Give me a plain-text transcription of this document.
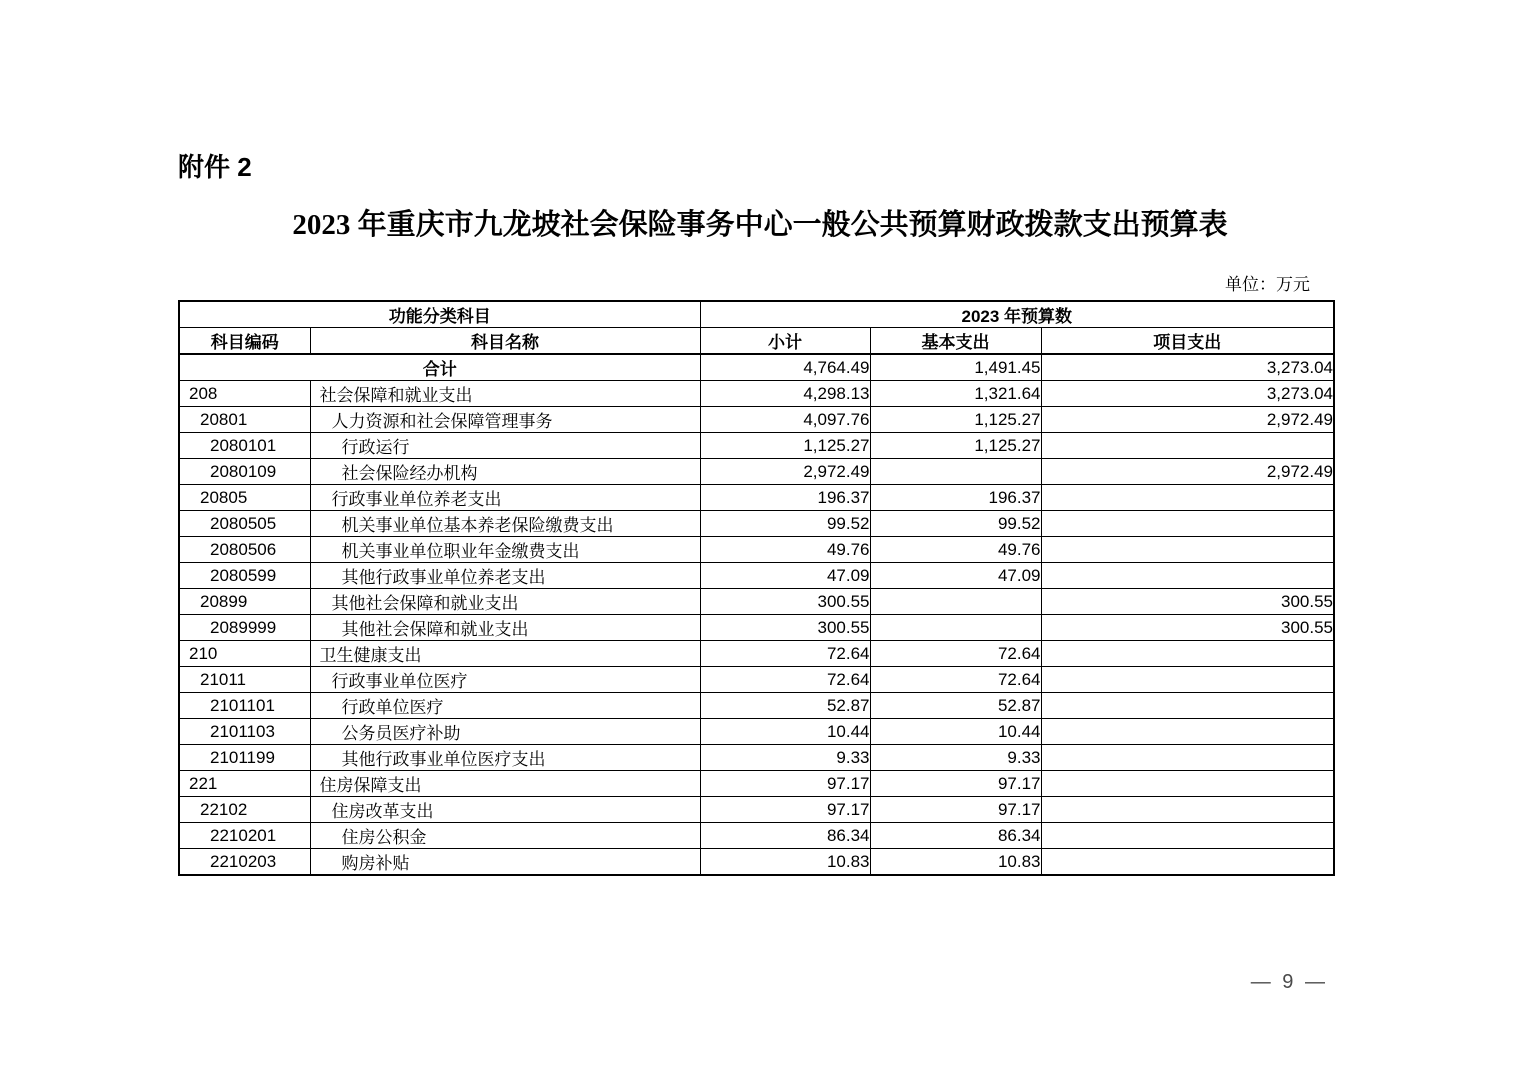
附件 2
2023 年重庆市九龙坡社会保险事务中心一般公共预算财政拨款支出预算表
单位：万元
功能分类科目		2023 年预算数		
科目编码	科目名称	小计	基本支出	项目支出
合计		4,764.49	1,491.45	3,273.04
208	社会保障和就业支出	4,298.13	1,321.64	3,273.04
20801	人力资源和社会保障管理事务	4,097.76	1,125.27	2,972.49
2080101	行政运行	1,125.27	1,125.27	
2080109	社会保险经办机构	2,972.49		2,972.49
20805	行政事业单位养老支出	196.37	196.37	
2080505	机关事业单位基本养老保险缴费支出	99.52	99.52	
2080506	机关事业单位职业年金缴费支出	49.76	49.76	
2080599	其他行政事业单位养老支出	47.09	47.09	
20899	其他社会保障和就业支出	300.55		300.55
2089999	其他社会保障和就业支出	300.55		300.55
210	卫生健康支出	72.64	72.64	
21011	行政事业单位医疗	72.64	72.64	
2101101	行政单位医疗	52.87	52.87	
2101103	公务员医疗补助	10.44	10.44	
2101199	其他行政事业单位医疗支出	9.33	9.33	
221	住房保障支出	97.17	97.17	
22102	住房改革支出	97.17	97.17	
2210201	住房公积金	86.34	86.34	
2210203	购房补贴	10.83	10.83	
— 9 —
